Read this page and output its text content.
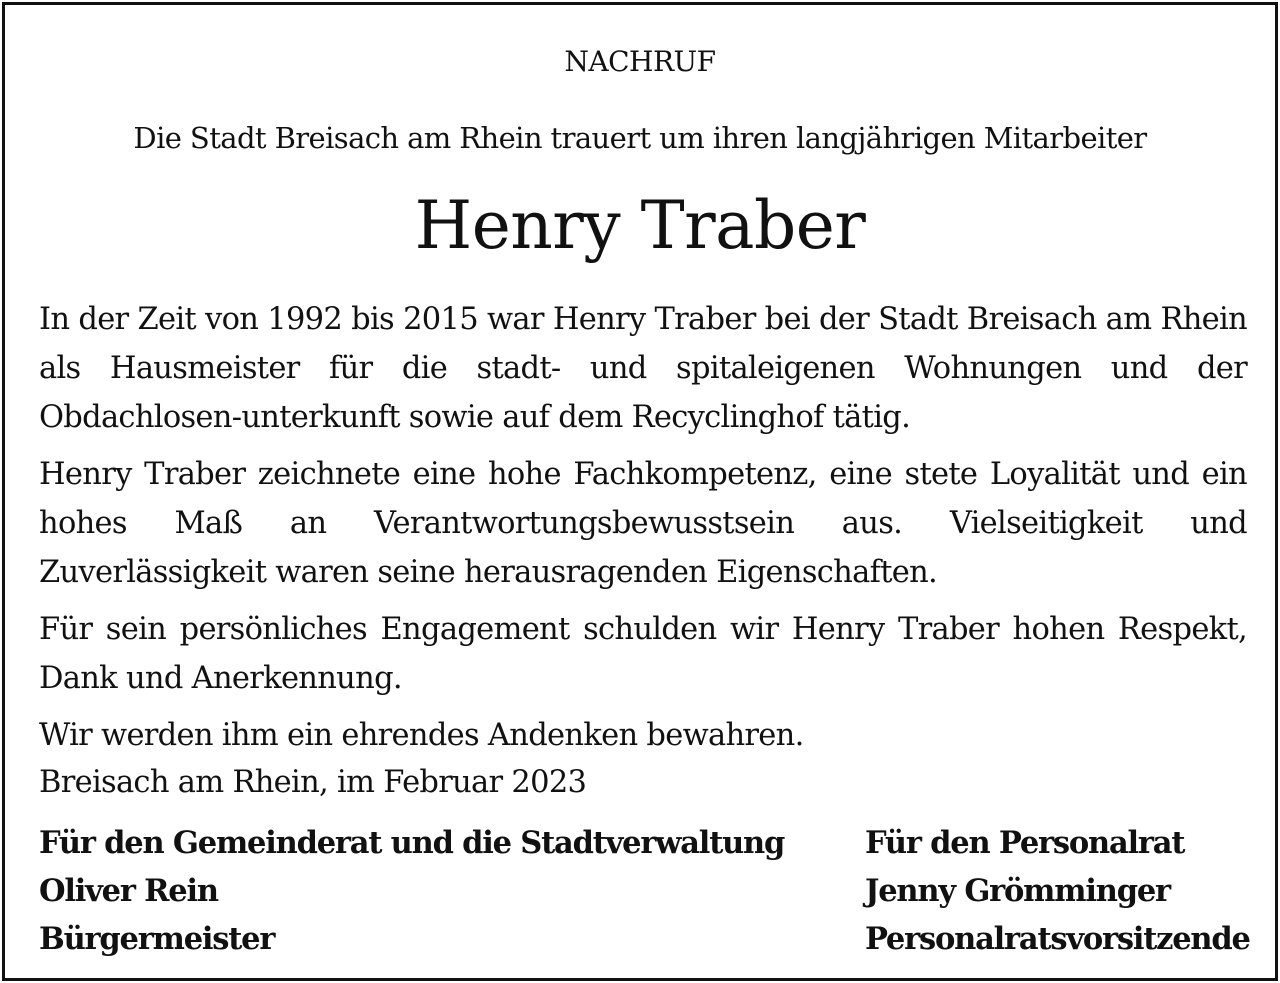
NACHRUF
Die Stadt Breisach am Rhein trauert um ihren langjährigen Mitarbeiter
Henry Traber

In der Zeit von 1992 bis 2015 war Henry Traber bei der Stadt Breisach am Rhein als Hausmeister für die stadt- und spitaleigenen Wohnungen und der Obdachlosen-unterkunft sowie auf dem Recyclinghof tätig.

Henry Traber zeichnete eine hohe Fachkompetenz, eine stete Loyalität und ein hohes Maß an Verantwortungsbewusstsein aus. Vielseitigkeit und Zuverlässigkeit waren seine herausragenden Eigenschaften.

Für sein persönliches Engagement schulden wir Henry Traber hohen Respekt, Dank und Anerkennung.

Wir werden ihm ein ehrendes Andenken bewahren.

Breisach am Rhein, im Februar 2023
Für den Gemeinderat und die Stadtverwaltung
Oliver Rein
Bürgermeister
Für den Personalrat
Jenny Grömminger
Personalratsvorsitzende
